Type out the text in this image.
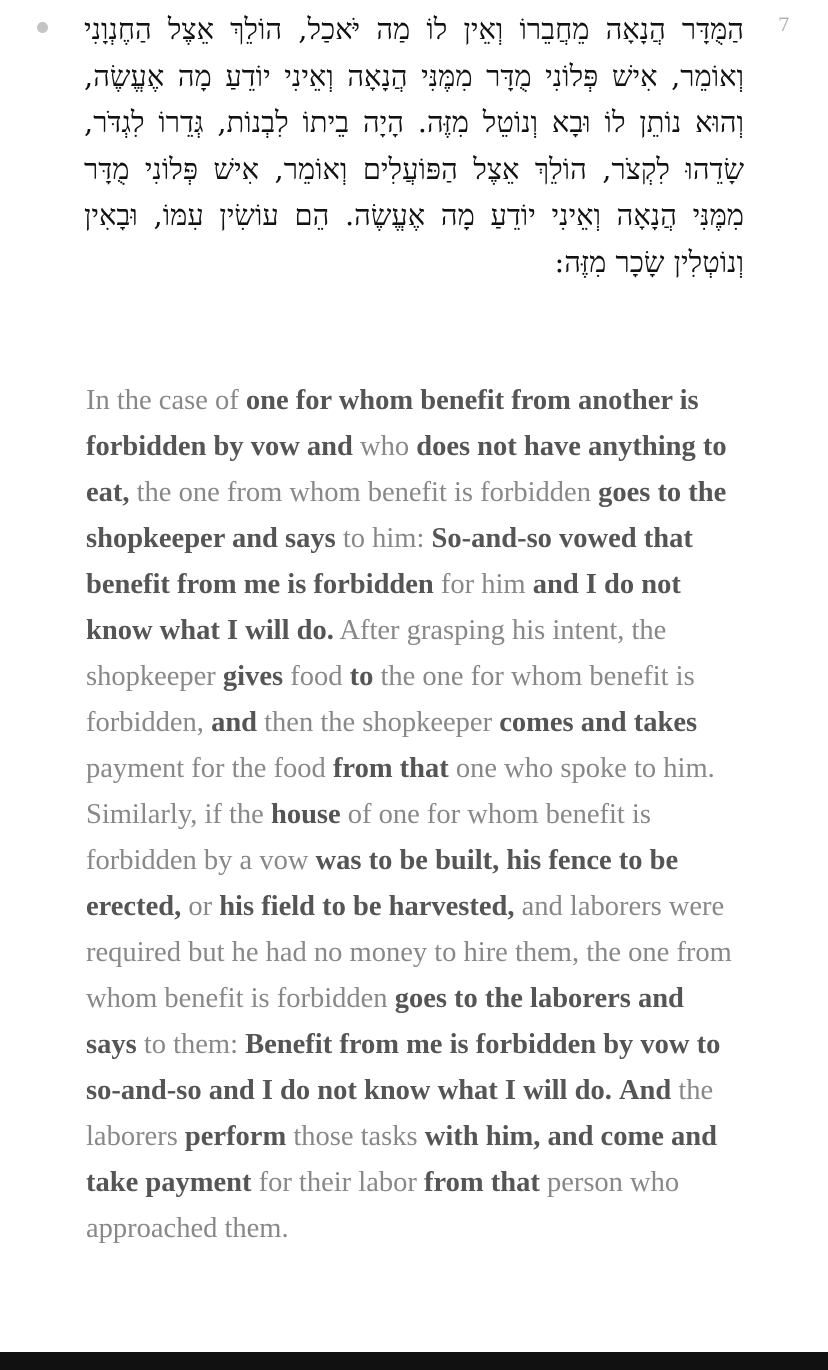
7
הַמֻּדָּר הֲנָאָה מֵחֲבֵרוֹ וְאֵין לוֹ מַה יֹּאכַל, הוֹלֵךְ אֵצֶל הַחֶנְוָנִי וְאוֹמֵר, אִישׁ פְּלוֹנִי מֻדָּר מִמֶּנִּי הֲנָאָה וְאֵינִי יוֹדֵעַ מָה אֶעֱשֶׂה, וְהוּא נוֹתֵן לוֹ וּבָא וְנוֹטֵל מִזֶּה. הָיָה בֵיתוֹ לִבְנוֹת, גְּדֵרוֹ לִגְדֹּר, שָׂדֵהוּ לִקְצֹר, הוֹלֵךְ אֵצֶל הַפּוֹעֲלִים וְאוֹמֵר, אִישׁ פְּלוֹנִי מֻדָּר מִמֶּנִּי הֲנָאָה וְאֵינִי יוֹדֵעַ מָה אֶעֱשֶׂה. הֵם עוֹשִׂין עִמּוֹ, וּבָאִין וְנוֹטְלִין שָׂכָר מִזֶּה:
In the case of one for whom benefit from another is forbidden by vow and who does not have anything to eat, the one from whom benefit is forbidden goes to the shopkeeper and says to him: So-and-so vowed that benefit from me is forbidden for him and I do not know what I will do. After grasping his intent, the shopkeeper gives food to the one for whom benefit is forbidden, and then the shopkeeper comes and takes payment for the food from that one who spoke to him. Similarly, if the house of one for whom benefit is forbidden by a vow was to be built, his fence to be erected, or his field to be harvested, and laborers were required but he had no money to hire them, the one from whom benefit is forbidden goes to the laborers and says to them: Benefit from me is forbidden by vow to so-and-so and I do not know what I will do. And the laborers perform those tasks with him, and come and take payment for their labor from that person who approached them.
